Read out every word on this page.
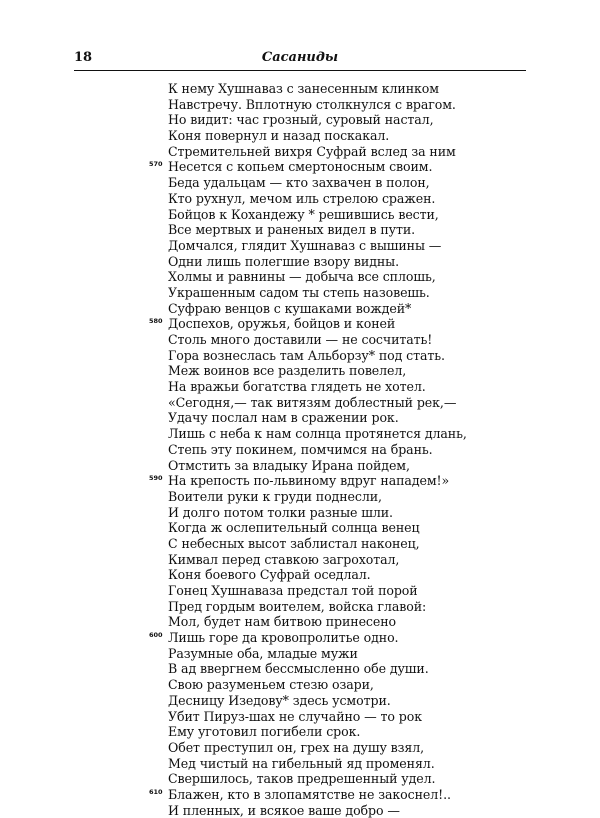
18	Сасаниды
К нему Хушнаваз с занесенным клинком
Навстречу. Вплотную столкнулся с врагом.
Но видит: час грозный, суровый настал,
Коня повернул и назад поскакал.
Стремительней вихря Суфрай вслед за ним
570 Несется с копьем смертоносным своим.
Беда удальцам — кто захвачен в полон,
Кто рухнул, мечом иль стрелою сражен.
Бойцов к Кохандежу * решившись вести,
Все мертвых и раненых видел в пути.
Домчался, глядит Хушнаваз с вышины —
Одни лишь полегшие взору видны.
Холмы и равнины — добыча все сплошь,
Украшенным садом ты степь назовешь.
Суфраю венцов с кушаками вождей*
580 Доспехов, оружья, бойцов и коней
Столь много доставили — не сосчитать!
Гора вознеслась там Альборзу* под стать.
Меж воинов все разделить повелел,
На вражьи богатства глядеть не хотел.
«Сегодня,— так витязям доблестный рек,—
Удачу послал нам в сражении рок.
Лишь с неба к нам солнца протянется длань,
Степь эту покинем, помчимся на брань.
Отмстить за владыку Ирана пойдем,
590 На крепость по-львиному вдруг нападем!»
Воители руки к груди поднесли,
И долго потом толки разные шли.
Когда ж ослепительный солнца венец
С небесных высот заблистал наконец,
Кимвал перед ставкою загрохотал,
Коня боевого Суфрай оседлал.
Гонец Хушнаваза предстал той порой
Пред гордым воителем, войска главой:
Мол, будет нам битвою принесено
600 Лишь горе да кровопролитье одно.
Разумные оба, младые мужи
В ад ввергнем бессмысленно обе души.
Свою разуменьем стезю озари,
Десницу Изедову* здесь усмотри.
Убит Пируз-шах не случайно — то рок
Ему уготовил погибели срок.
Обет преступил он, грех на душу взял,
Мед чистый на гибельный яд променял.
Свершилось, таков предрешенный удел.
610 Блажен, кто в злопамятстве не закоснел!..
И пленных, и всякое ваше добро —
